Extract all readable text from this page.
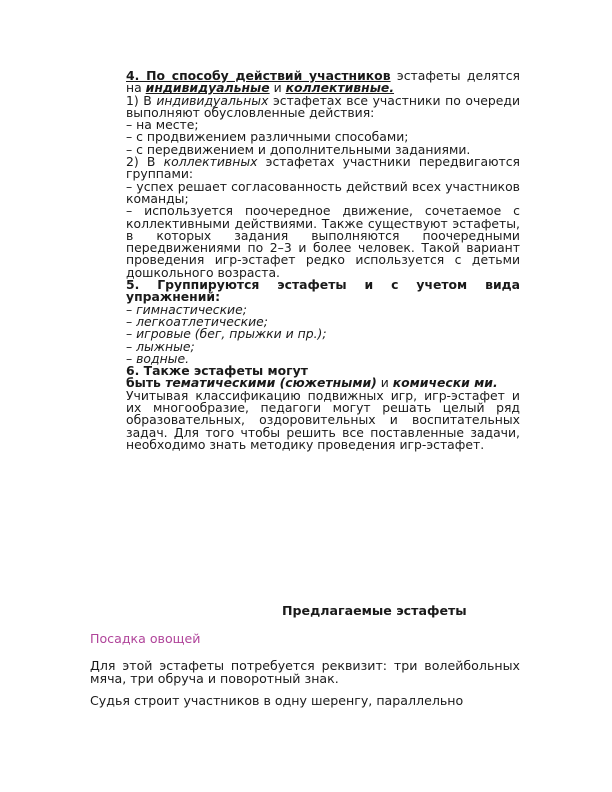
4. По способу действий участников эстафеты делятся на индивидуальные и коллективные.

1) В индивидуальных эстафетах все участники по очереди выполняют обусловленные действия:

– на месте;

– с продвижением различными способами;

– с передвижением и дополнительными заданиями.

2) В коллективных эстафетах участники передвигаются группами:

– успех решает согласованность действий всех участников команды;

– используется поочередное движение, сочетаемое с коллективными действиями. Также существуют эстафеты, в которых задания выполняются поочередными передвижениями по 2–3 и более человек. Такой вариант проведения игр-эстафет редко используется с детьми дошкольного возраста.

5. Группируются эстафеты и с учетом вида упражнений:

– гимнастические;

– легкоатлетические;

– игровые (бег, прыжки и пр.);

– лыжные;

– водные.

6. Также эстафеты могут

быть тематическими (сюжетными) и комически ми.

Учитывая классификацию подвижных игр, игр-эстафет и их многообразие, педагоги могут решать целый ряд образовательных, оздоровительных и воспитательных задач. Для того чтобы решить все поставленные задачи, необходимо знать методику проведения игр-эстафет.

Предлагаемые эстафеты
Посадка овощей

Для этой эстафеты потребуется реквизит: три волейбольных мяча, три обруча и поворотный знак.

Судья строит участников в одну шеренгу, параллельно
